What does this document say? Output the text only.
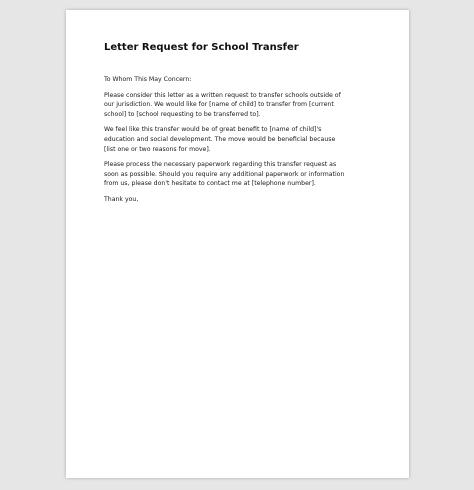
Letter Request for School Transfer

To Whom This May Concern:

Please consider this letter as a written request to transfer schools outside of
our jurisdiction. We would like for [name of child] to transfer from [current
school] to [school requesting to be transferred to].

We feel like this transfer would be of great benefit to [name of child]'s
education and social development. The move would be beneficial because
[list one or two reasons for move].

Please process the necessary paperwork regarding this transfer request as
soon as possible. Should you require any additional paperwork or information
from us, please don't hesitate to contact me at [telephone number].

Thank you,
